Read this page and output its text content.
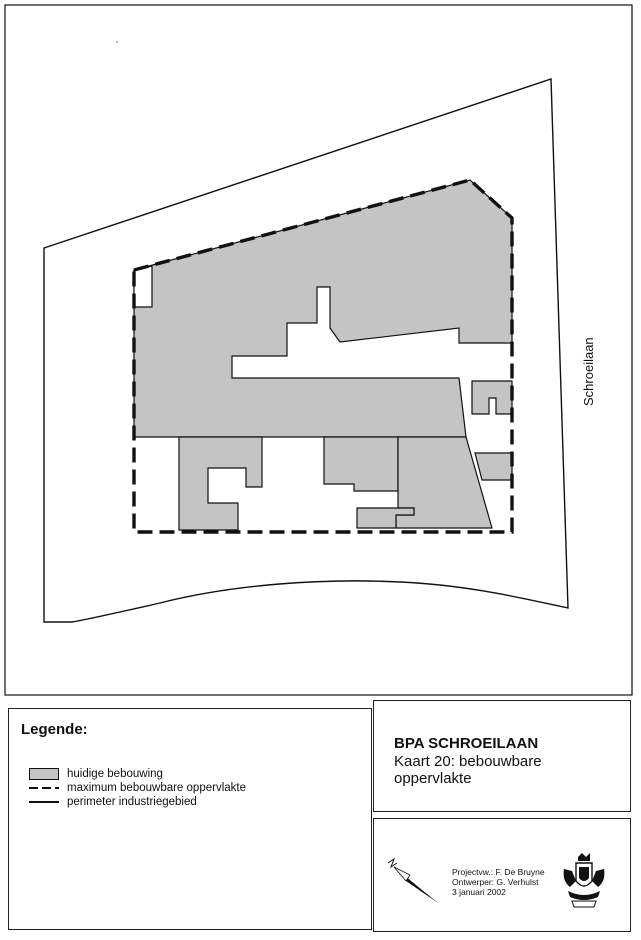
Schroeilaan
Legende:
huidige bebouwing
maximum bebouwbare oppervlakte
perimeter industriegebied
BPA SCHROEILAAN
Kaart 20: bebouwbare oppervlakte
Projectvw.: F. De Bruyne
Ontwerper: G. Verhulst
3 januari 2002
